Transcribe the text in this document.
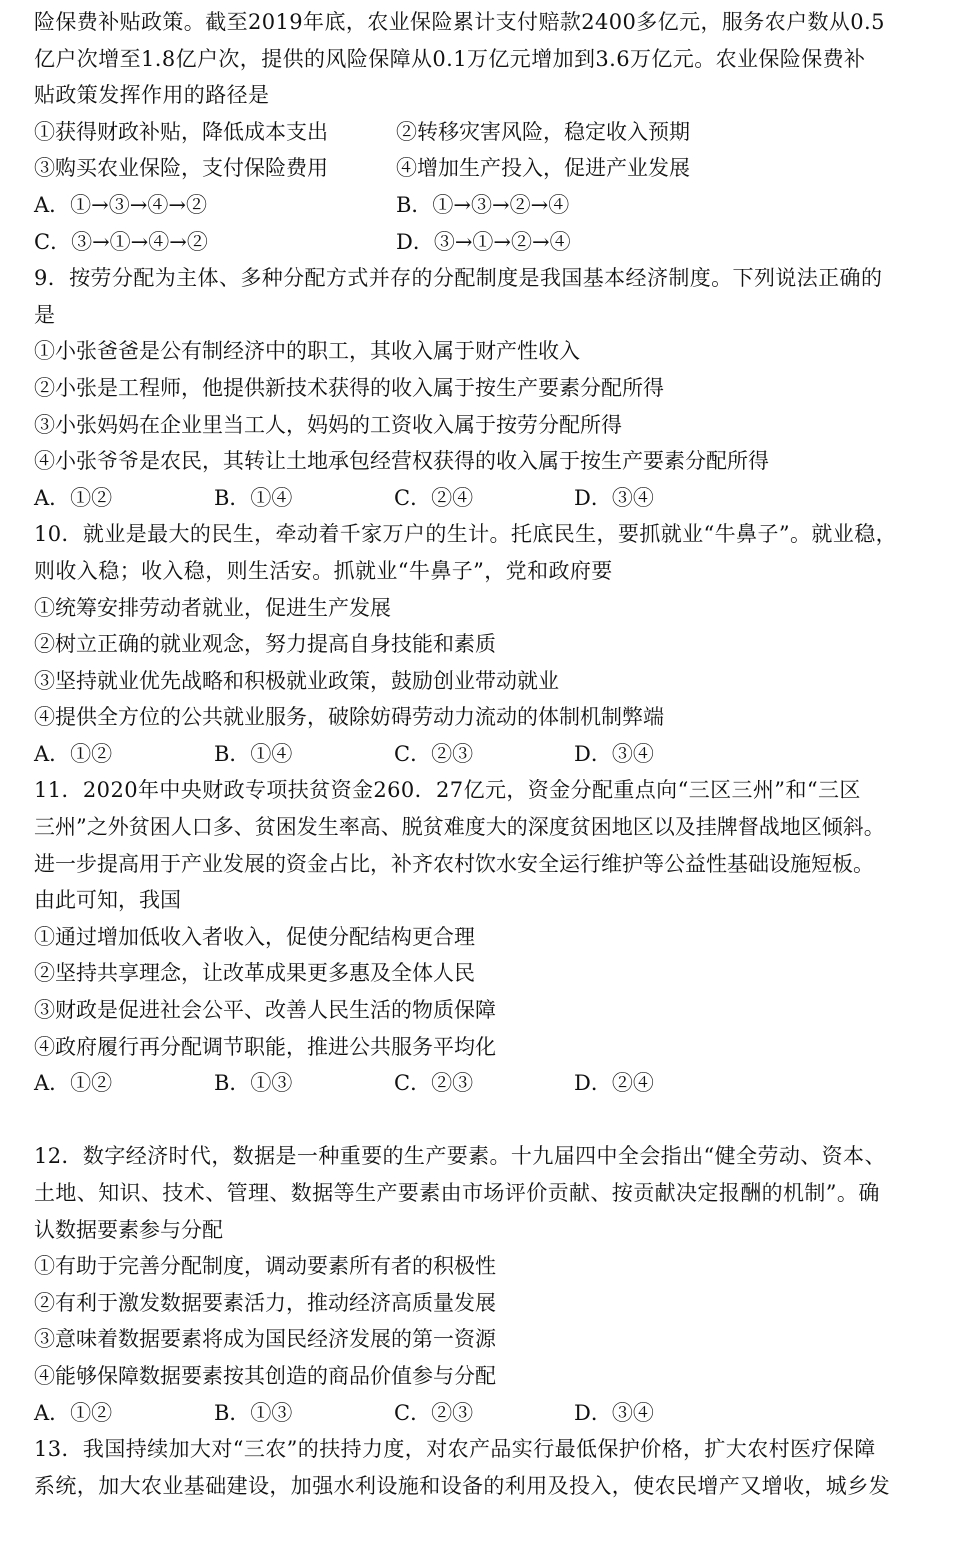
险保费补贴政策。截至2019年底，农业保险累计支付赔款2400多亿元，服务农户数从0.5
亿户次增至1.8亿户次，提供的风险保障从0.1万亿元增加到3.6万亿元。农业保险保费补
贴政策发挥作用的路径是
①获得财政补贴，降低成本支出	②转移灾害风险，稳定收入预期
③购买农业保险，支付保险费用	④增加生产投入，促进产业发展
A．①→③→④→②	B．①→③→②→④
C．③→①→④→②	D．③→①→②→④
9．按劳分配为主体、多种分配方式并存的分配制度是我国基本经济制度。下列说法正确的
是
①小张爸爸是公有制经济中的职工，其收入属于财产性收入
②小张是工程师，他提供新技术获得的收入属于按生产要素分配所得
③小张妈妈在企业里当工人，妈妈的工资收入属于按劳分配所得
④小张爷爷是农民，其转让土地承包经营权获得的收入属于按生产要素分配所得
A．①②	B．①④	C．②④	D．③④
10．就业是最大的民生，牵动着千家万户的生计。托底民生，要抓就业“牛鼻子”。就业稳，
则收入稳；收入稳，则生活安。抓就业“牛鼻子”，党和政府要
①统筹安排劳动者就业，促进生产发展
②树立正确的就业观念，努力提高自身技能和素质
③坚持就业优先战略和积极就业政策，鼓励创业带动就业
④提供全方位的公共就业服务，破除妨碍劳动力流动的体制机制弊端
A．①②	B．①④	C．②③	D．③④
11．2020年中央财政专项扶贫资金260．27亿元，资金分配重点向“三区三州”和“三区
三州”之外贫困人口多、贫困发生率高、脱贫难度大的深度贫困地区以及挂牌督战地区倾斜。
进一步提高用于产业发展的资金占比，补齐农村饮水安全运行维护等公益性基础设施短板。
由此可知，我国
①通过增加低收入者收入，促使分配结构更合理
②坚持共享理念，让改革成果更多惠及全体人民
③财政是促进社会公平、改善人民生活的物质保障
④政府履行再分配调节职能，推进公共服务平均化
A．①②	B．①③	C．②③	D．②④
12．数字经济时代，数据是一种重要的生产要素。十九届四中全会指出“健全劳动、资本、
土地、知识、技术、管理、数据等生产要素由市场评价贡献、按贡献决定报酬的机制”。确
认数据要素参与分配
①有助于完善分配制度，调动要素所有者的积极性
②有利于激发数据要素活力，推动经济高质量发展
③意味着数据要素将成为国民经济发展的第一资源
④能够保障数据要素按其创造的商品价值参与分配
A．①②	B．①③	C．②③	D．③④
13．我国持续加大对“三农”的扶持力度，对农产品实行最低保护价格，扩大农村医疗保障
系统，加大农业基础建设，加强水利设施和设备的利用及投入，使农民增产又增收，城乡发
